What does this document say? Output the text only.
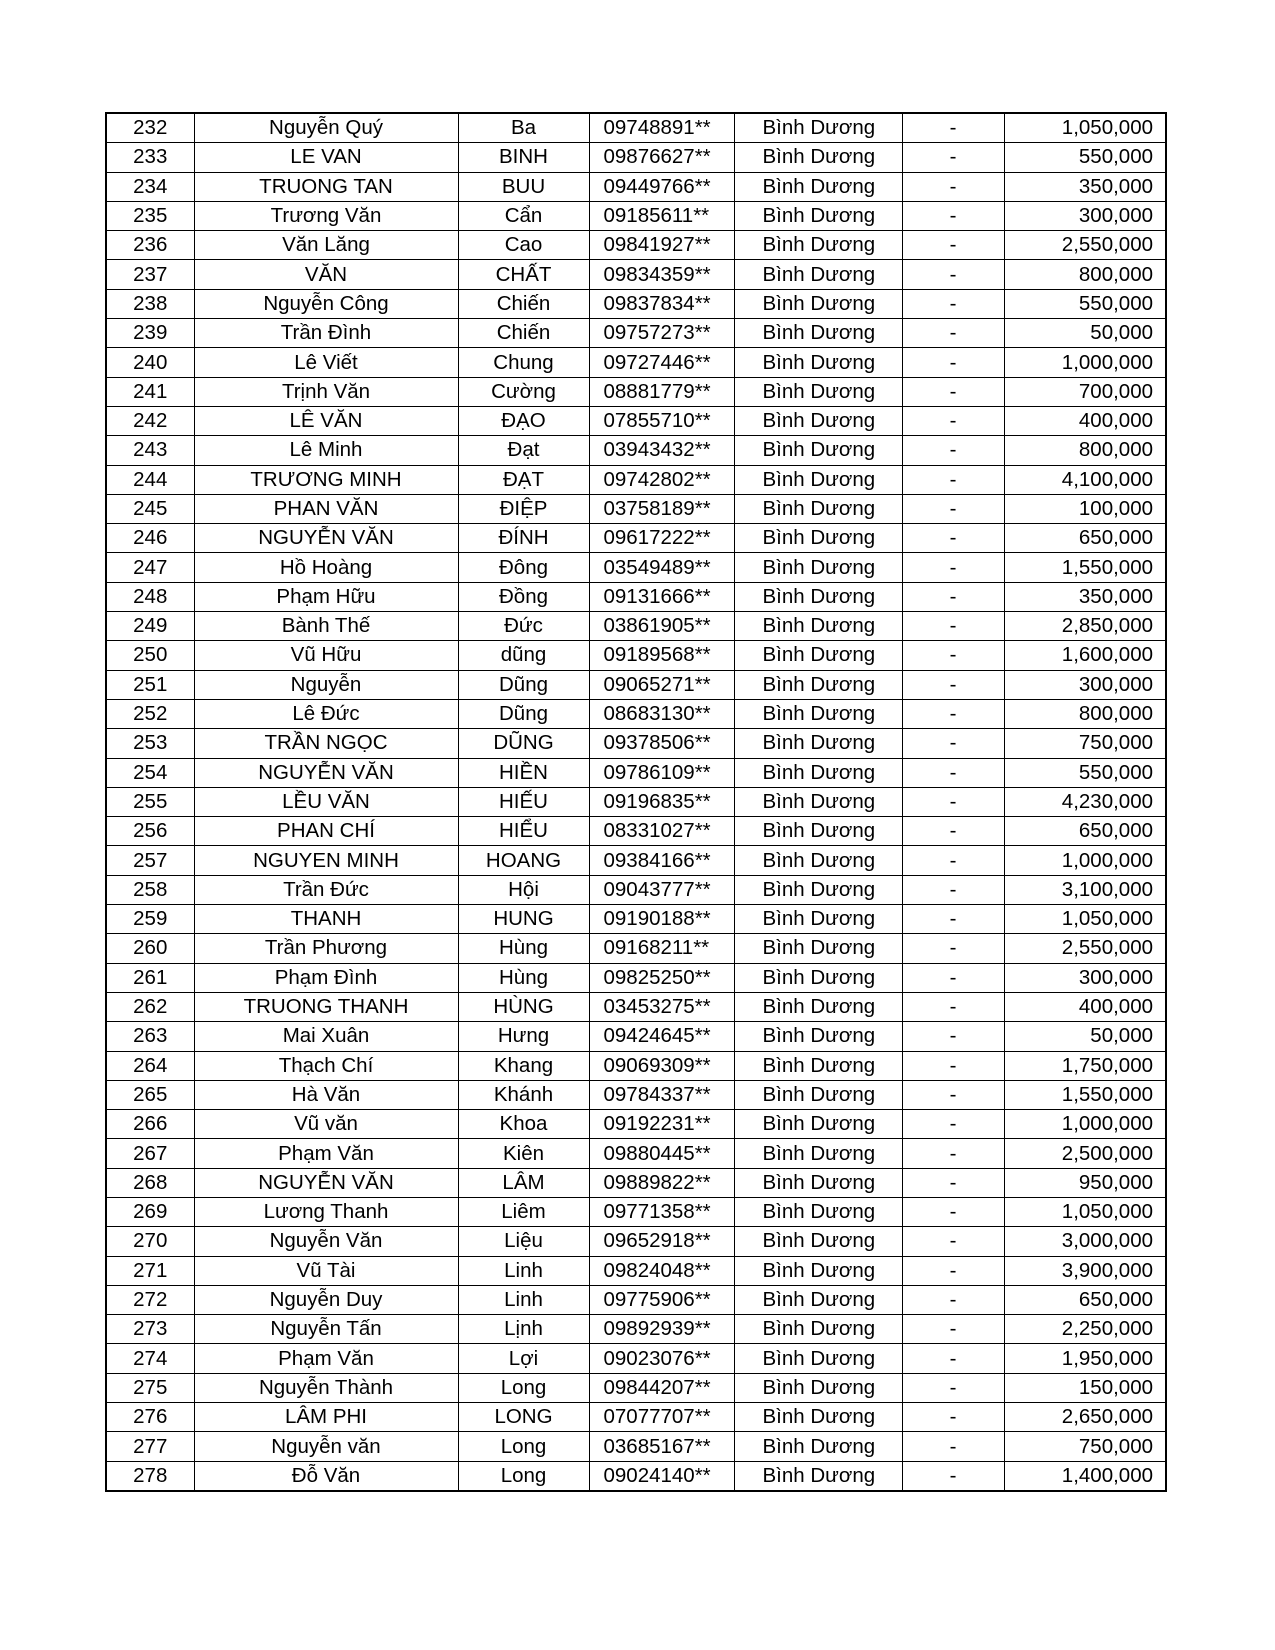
232	Nguyễn Quý	Ba	09748891**	Bình Dương	-	1,050,000
233	LE VAN	BINH	09876627**	Bình Dương	-	550,000
234	TRUONG TAN	BUU	09449766**	Bình Dương	-	350,000
235	Trương Văn	Cẩn	09185611**	Bình Dương	-	300,000
236	Văn Lăng	Cao	09841927**	Bình Dương	-	2,550,000
237	VĂN	CHẤT	09834359**	Bình Dương	-	800,000
238	Nguyễn Công	Chiến	09837834**	Bình Dương	-	550,000
239	Trần Đình	Chiến	09757273**	Bình Dương	-	50,000
240	Lê Viết	Chung	09727446**	Bình Dương	-	1,000,000
241	Trịnh Văn	Cường	08881779**	Bình Dương	-	700,000
242	LÊ VĂN	ĐẠO	07855710**	Bình Dương	-	400,000
243	Lê Minh	Đạt	03943432**	Bình Dương	-	800,000
244	TRƯƠNG MINH	ĐẠT	09742802**	Bình Dương	-	4,100,000
245	PHAN VĂN	ĐIỆP	03758189**	Bình Dương	-	100,000
246	NGUYỄN VĂN	ĐÍNH	09617222**	Bình Dương	-	650,000
247	Hồ Hoàng	Đông	03549489**	Bình Dương	-	1,550,000
248	Phạm Hữu	Đồng	09131666**	Bình Dương	-	350,000
249	Bành Thế	Đức	03861905**	Bình Dương	-	2,850,000
250	Vũ Hữu	dũng	09189568**	Bình Dương	-	1,600,000
251	Nguyễn	Dũng	09065271**	Bình Dương	-	300,000
252	Lê Đức	Dũng	08683130**	Bình Dương	-	800,000
253	TRẦN NGỌC	DŨNG	09378506**	Bình Dương	-	750,000
254	NGUYỄN VĂN	HIỀN	09786109**	Bình Dương	-	550,000
255	LỀU VĂN	HIẾU	09196835**	Bình Dương	-	4,230,000
256	PHAN CHÍ	HIỂU	08331027**	Bình Dương	-	650,000
257	NGUYEN MINH	HOANG	09384166**	Bình Dương	-	1,000,000
258	Trần Đức	Hội	09043777**	Bình Dương	-	3,100,000
259	THANH	HUNG	09190188**	Bình Dương	-	1,050,000
260	Trần Phương	Hùng	09168211**	Bình Dương	-	2,550,000
261	Phạm Đình	Hùng	09825250**	Bình Dương	-	300,000
262	TRUONG THANH	HÙNG	03453275**	Bình Dương	-	400,000
263	Mai Xuân	Hưng	09424645**	Bình Dương	-	50,000
264	Thạch Chí	Khang	09069309**	Bình Dương	-	1,750,000
265	Hà Văn	Khánh	09784337**	Bình Dương	-	1,550,000
266	Vũ văn	Khoa	09192231**	Bình Dương	-	1,000,000
267	Phạm Văn	Kiên	09880445**	Bình Dương	-	2,500,000
268	NGUYỄN VĂN	LÂM	09889822**	Bình Dương	-	950,000
269	Lương Thanh	Liêm	09771358**	Bình Dương	-	1,050,000
270	Nguyễn Văn	Liệu	09652918**	Bình Dương	-	3,000,000
271	Vũ Tài	Linh	09824048**	Bình Dương	-	3,900,000
272	Nguyễn Duy	Linh	09775906**	Bình Dương	-	650,000
273	Nguyễn Tấn	Lịnh	09892939**	Bình Dương	-	2,250,000
274	Phạm Văn	Lợi	09023076**	Bình Dương	-	1,950,000
275	Nguyễn Thành	Long	09844207**	Bình Dương	-	150,000
276	LÂM PHI	LONG	07077707**	Bình Dương	-	2,650,000
277	Nguyễn văn	Long	03685167**	Bình Dương	-	750,000
278	Đỗ Văn	Long	09024140**	Bình Dương	-	1,400,000
